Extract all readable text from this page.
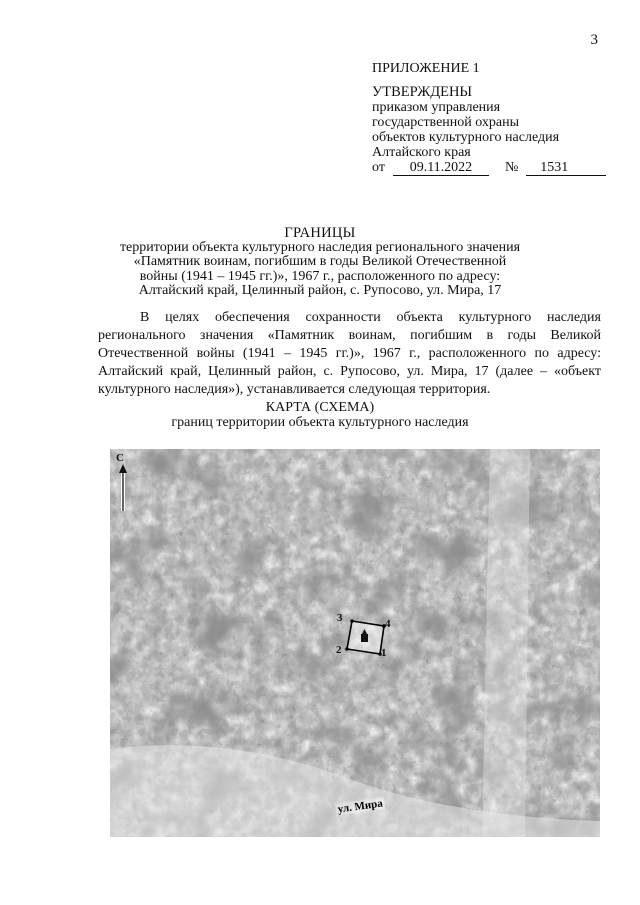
3
ПРИЛОЖЕНИЕ 1
УТВЕРЖДЕНЫ
приказом управления
государственной охраны
объектов культурного наследия
Алтайского края
от	09.11.2022	№	1531
ГРАНИЦЫ
территории объекта культурного наследия регионального значения
«Памятник воинам, погибшим в годы Великой Отечественной
войны (1941 – 1945 гг.)», 1967 г., расположенного по адресу:
Алтайский край, Целинный район, с. Рупосово, ул. Мира, 17
В целях обеспечения сохранности объекта культурного наследия регионального значения «Памятник воинам, погибшим в годы Великой Отечественной войны (1941 – 1945 гг.)», 1967 г., расположенного по адресу: Алтайский край, Целинный район, с. Рупосово, ул. Мира, 17 (далее – «объект культурного наследия»), устанавливается следующая территория.
КАРТА (СХЕМА)
границ территории объекта культурного наследия
С
1
2
3	4
ул. Мира
